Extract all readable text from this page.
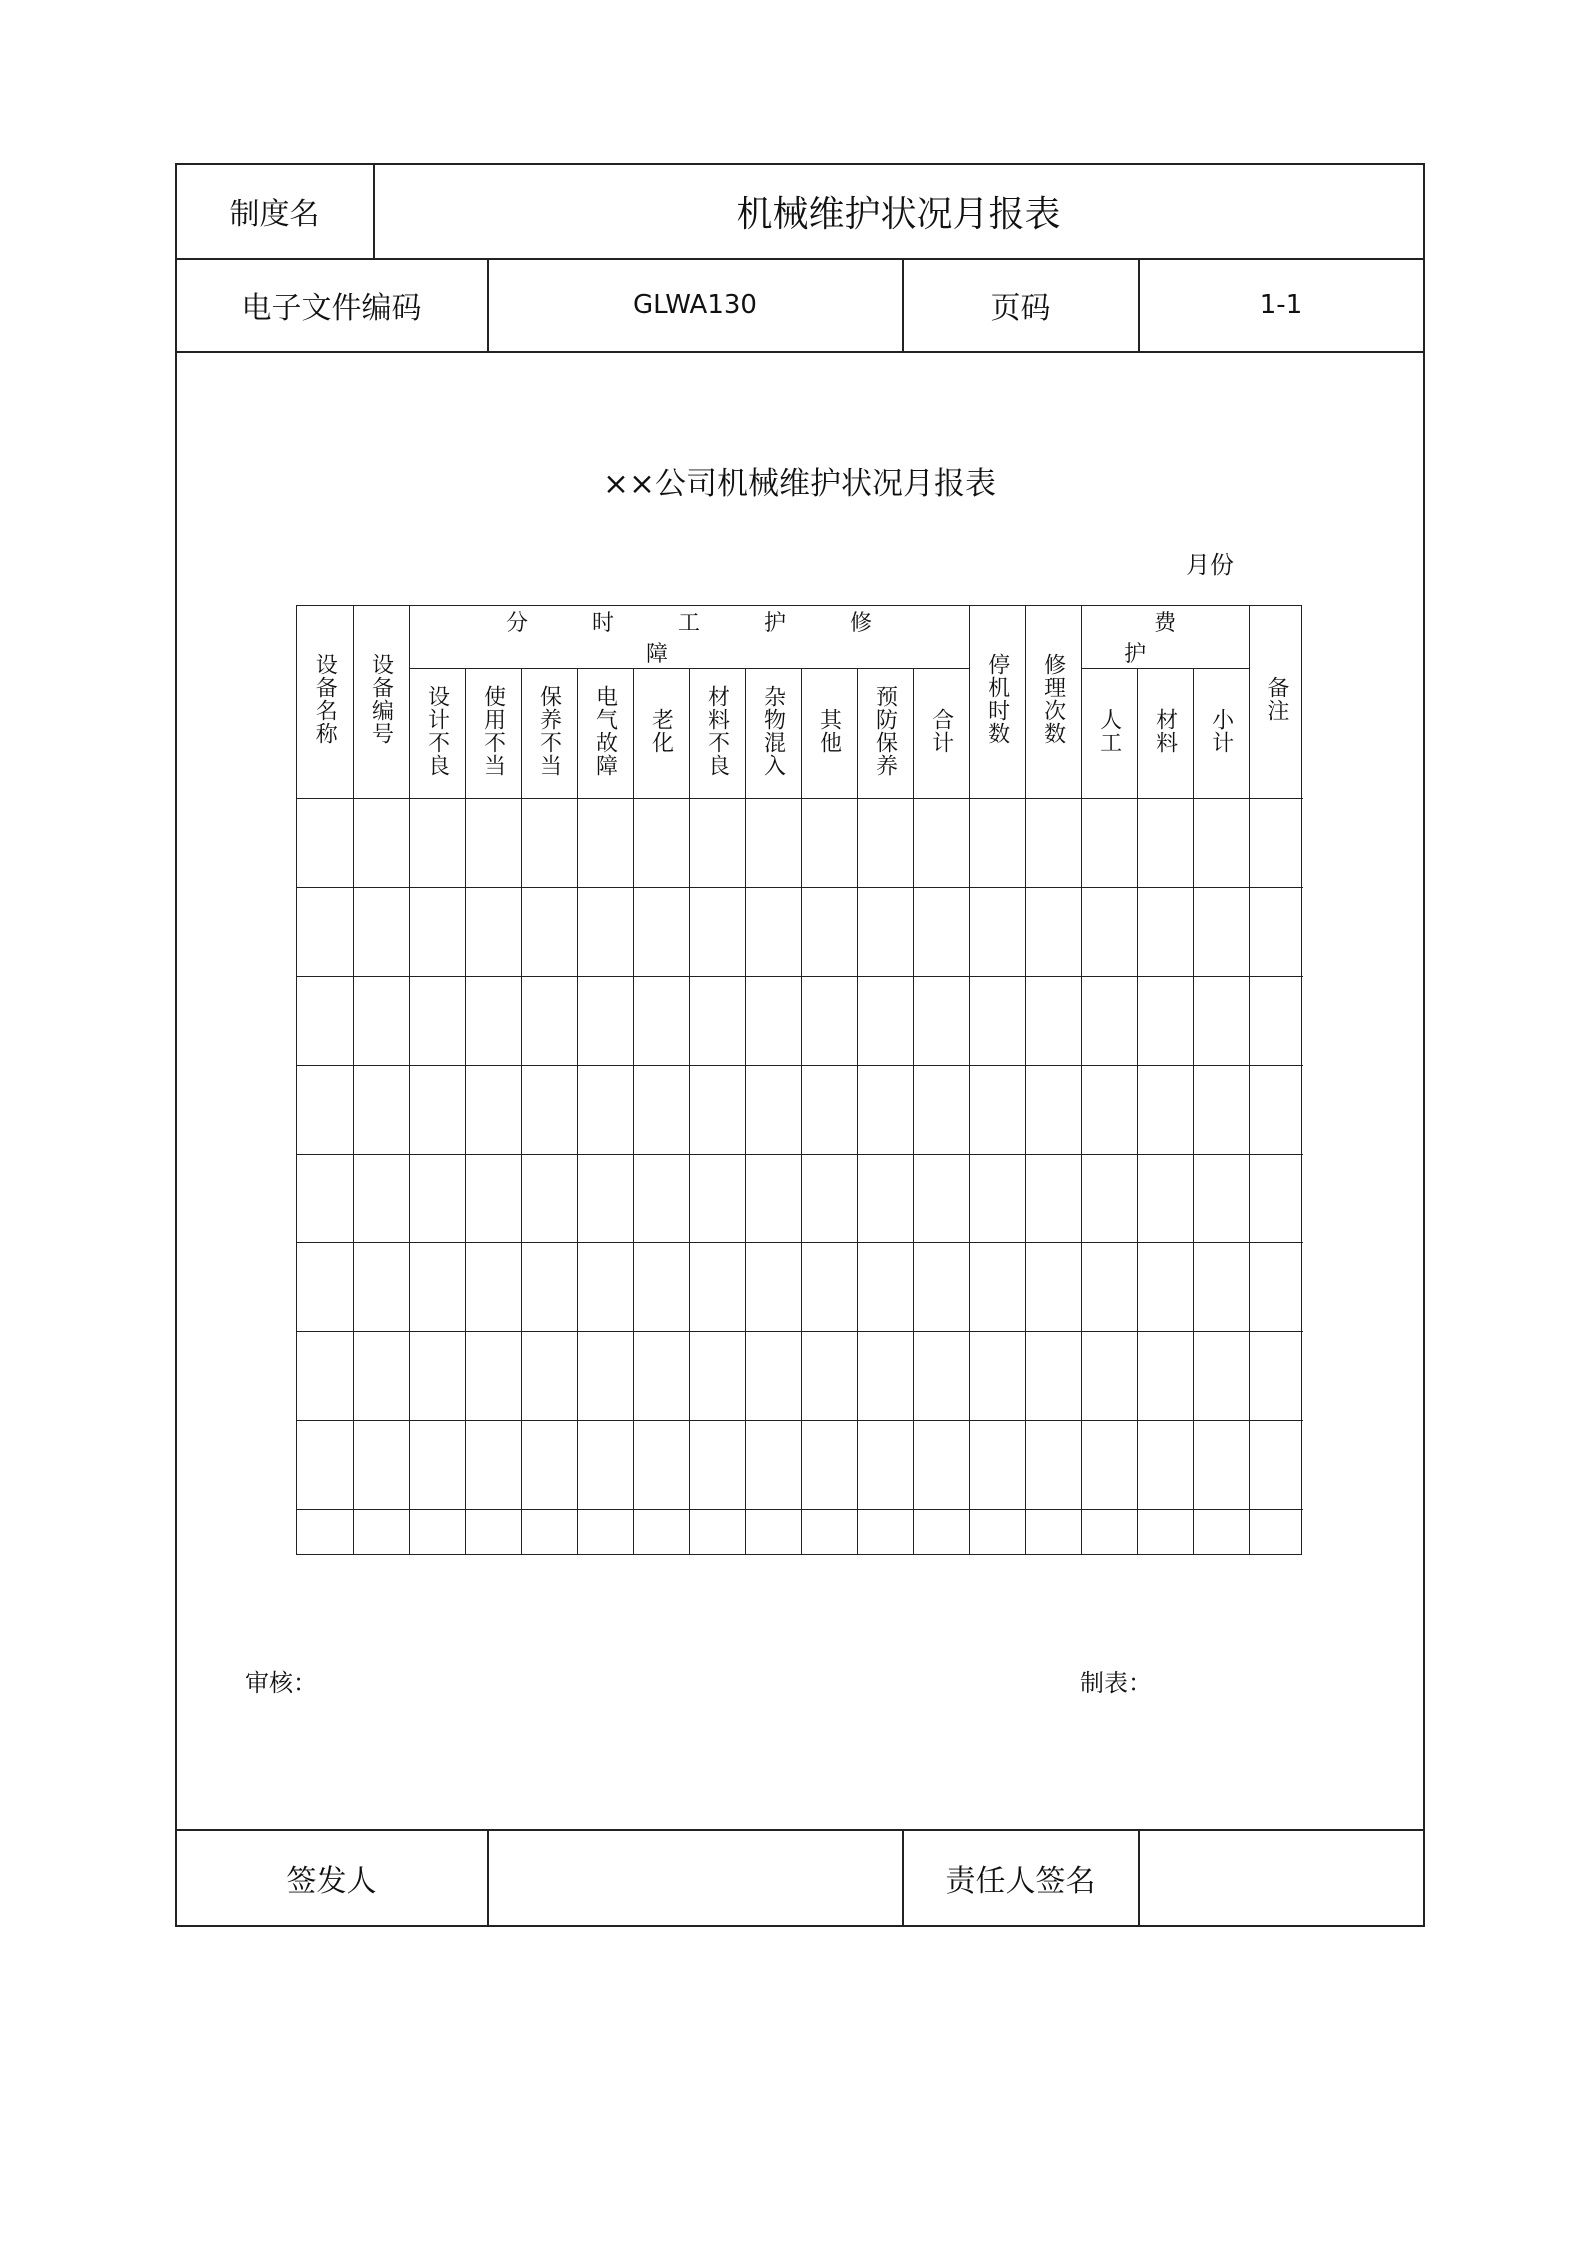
制度名	机械维护状况月报表
电子文件编码	GLWA130	页码	1-1
××公司机械维护状况月报表
月份
设备名称	设备编号	分时工护修障										停机时数	修理次数	费护			备注
		设计不良	使用不当	保养不当	电气故障	老化	材料不良	杂物混入	其他	预防保养	合计			人工	材料	小计	

审核：	制表：
签发人	责任人签名
